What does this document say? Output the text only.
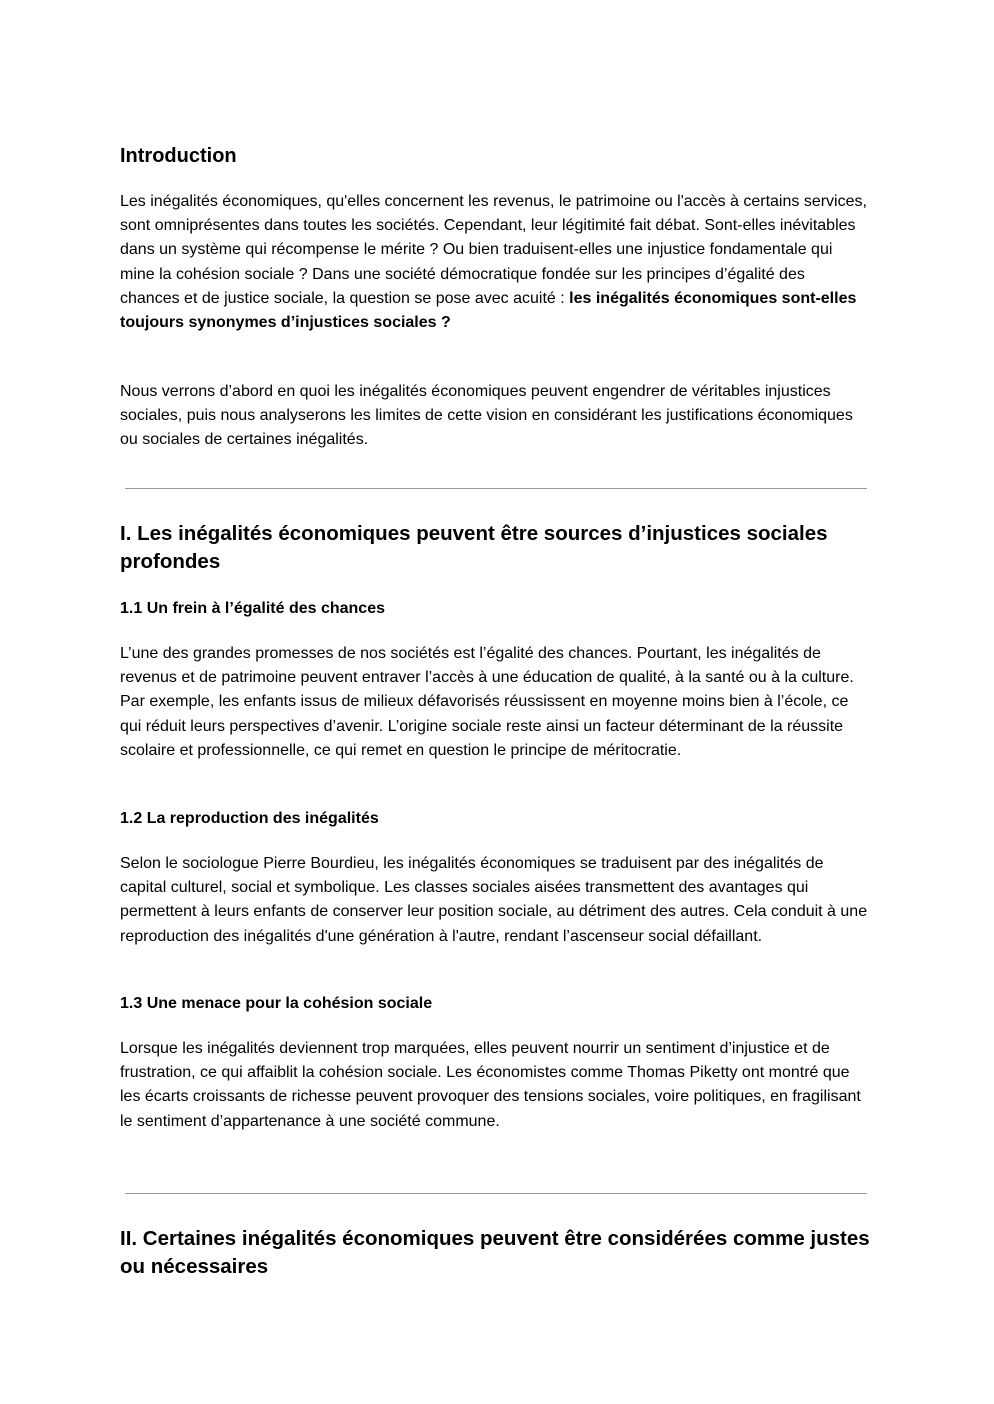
Introduction

Les inégalités économiques, qu'elles concernent les revenus, le patrimoine ou l'accès à certains services, sont omniprésentes dans toutes les sociétés. Cependant, leur légitimité fait débat. Sont-elles inévitables dans un système qui récompense le mérite ? Ou bien traduisent-elles une injustice fondamentale qui mine la cohésion sociale ? Dans une société démocratique fondée sur les principes d’égalité des chances et de justice sociale, la question se pose avec acuité : les inégalités économiques sont-elles toujours synonymes d’injustices sociales ?

Nous verrons d’abord en quoi les inégalités économiques peuvent engendrer de véritables injustices sociales, puis nous analyserons les limites de cette vision en considérant les justifications économiques ou sociales de certaines inégalités.

I. Les inégalités économiques peuvent être sources d’injustices sociales profondes
1.1 Un frein à l’égalité des chances

L’une des grandes promesses de nos sociétés est l’égalité des chances. Pourtant, les inégalités de revenus et de patrimoine peuvent entraver l’accès à une éducation de qualité, à la santé ou à la culture. Par exemple, les enfants issus de milieux défavorisés réussissent en moyenne moins bien à l’école, ce qui réduit leurs perspectives d’avenir. L’origine sociale reste ainsi un facteur déterminant de la réussite scolaire et professionnelle, ce qui remet en question le principe de méritocratie.

1.2 La reproduction des inégalités

Selon le sociologue Pierre Bourdieu, les inégalités économiques se traduisent par des inégalités de capital culturel, social et symbolique. Les classes sociales aisées transmettent des avantages qui permettent à leurs enfants de conserver leur position sociale, au détriment des autres. Cela conduit à une reproduction des inégalités d'une génération à l'autre, rendant l’ascenseur social défaillant.

1.3 Une menace pour la cohésion sociale

Lorsque les inégalités deviennent trop marquées, elles peuvent nourrir un sentiment d’injustice et de frustration, ce qui affaiblit la cohésion sociale. Les économistes comme Thomas Piketty ont montré que les écarts croissants de richesse peuvent provoquer des tensions sociales, voire politiques, en fragilisant le sentiment d’appartenance à une société commune.

II. Certaines inégalités économiques peuvent être considérées comme justes ou nécessaires
